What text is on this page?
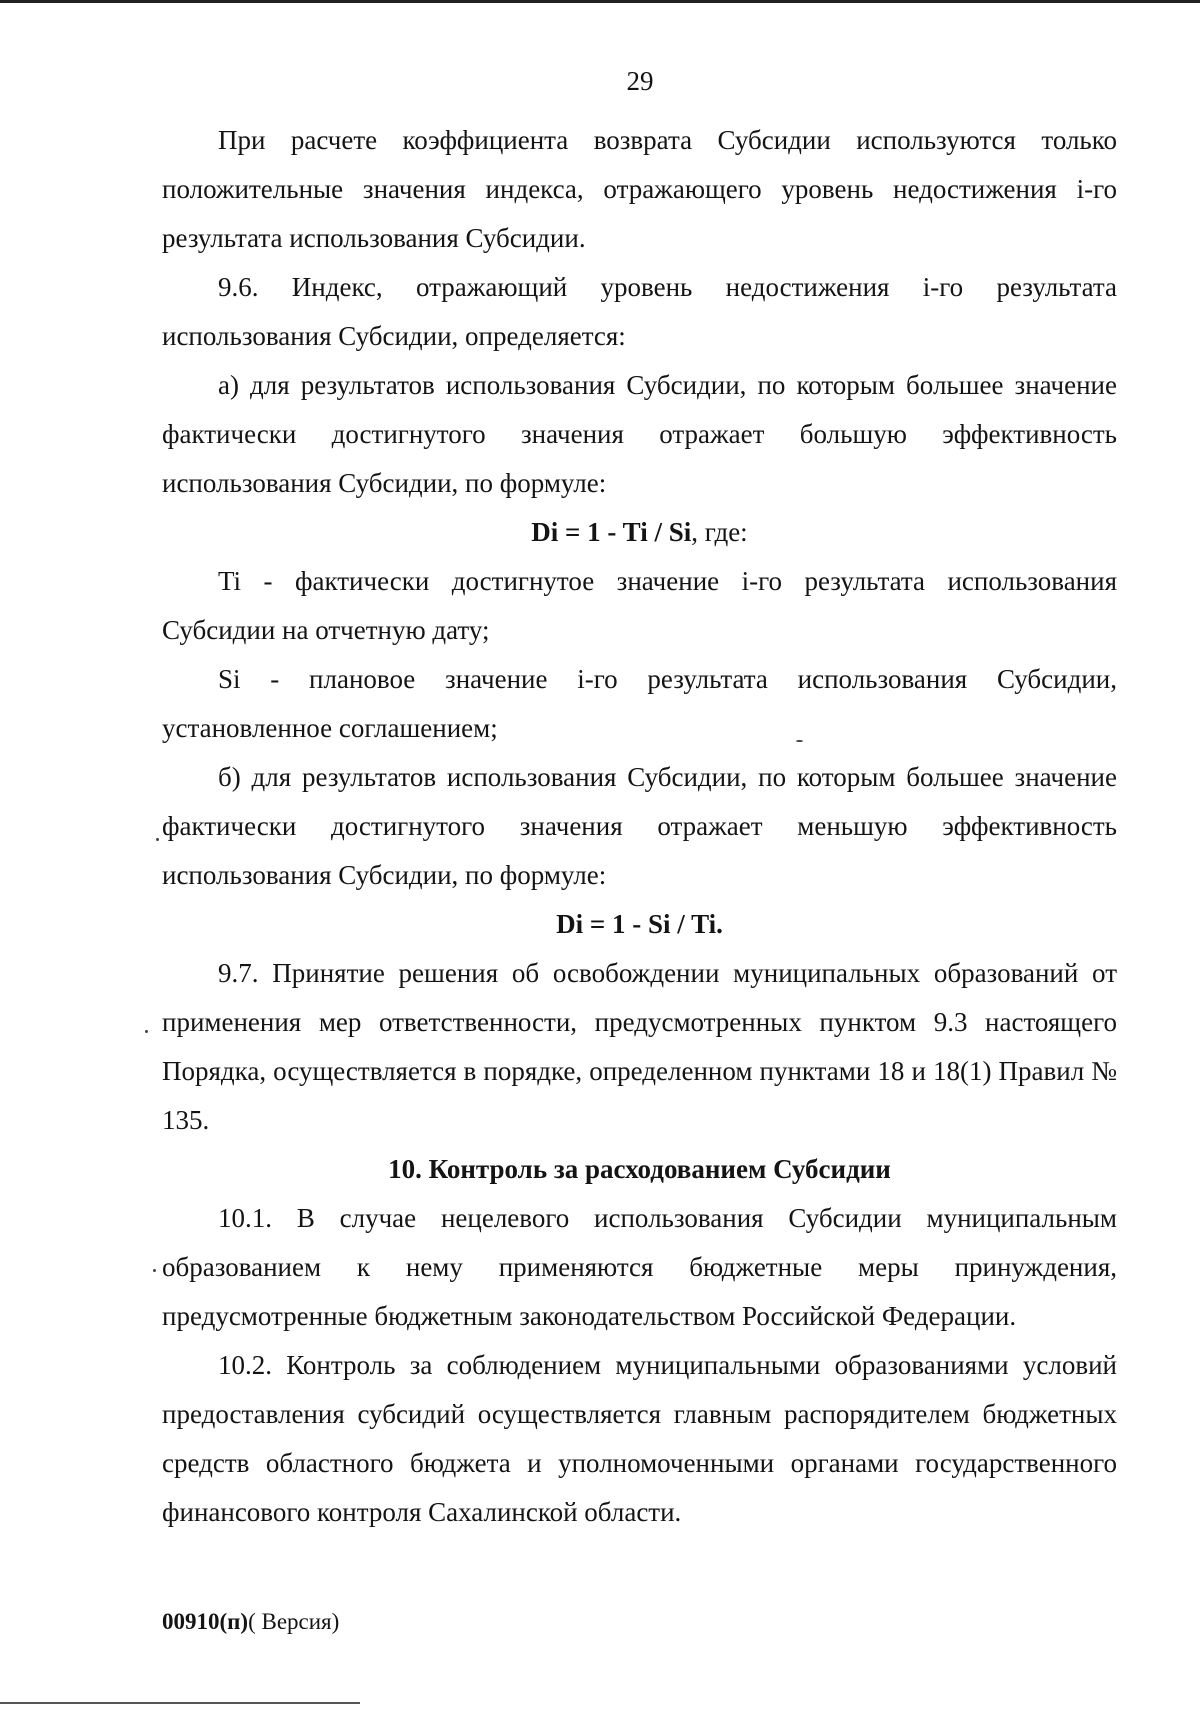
29

При расчете коэффициента возврата Субсидии используются только положительные значения индекса, отражающего уровень недостижения i-го результата использования Субсидии.

9.6. Индекс, отражающий уровень недостижения i-го результата использования Субсидии, определяется:

а) для результатов использования Субсидии, по которым большее значение фактически достигнутого значения отражает большую эффективность использования Субсидии, по формуле:

Di = 1 - Ti / Si, где:

Ti - фактически достигнутое значение i-го результата использования Субсидии на отчетную дату;

Si - плановое значение i-го результата использования Субсидии, установленное соглашением;

б) для результатов использования Субсидии, по которым большее значение фактически достигнутого значения отражает меньшую эффективность использования Субсидии, по формуле:

Di = 1 - Si / Ti.

9.7. Принятие решения об освобождении муниципальных образований от применения мер ответственности, предусмотренных пунктом 9.3 настоящего Порядка, осуществляется в порядке, определенном пунктами 18 и 18(1) Правил № 135.

10. Контроль за расходованием Субсидии

10.1. В случае нецелевого использования Субсидии муниципальным образованием к нему применяются бюджетные меры принуждения, предусмотренные бюджетным законодательством Российской Федерации.

10.2. Контроль за соблюдением муниципальными образованиями условий предоставления субсидий осуществляется главным распорядителем бюджетных средств областного бюджета и уполномоченными органами государственного финансового контроля Сахалинской области.

00910(п)( Версия)
